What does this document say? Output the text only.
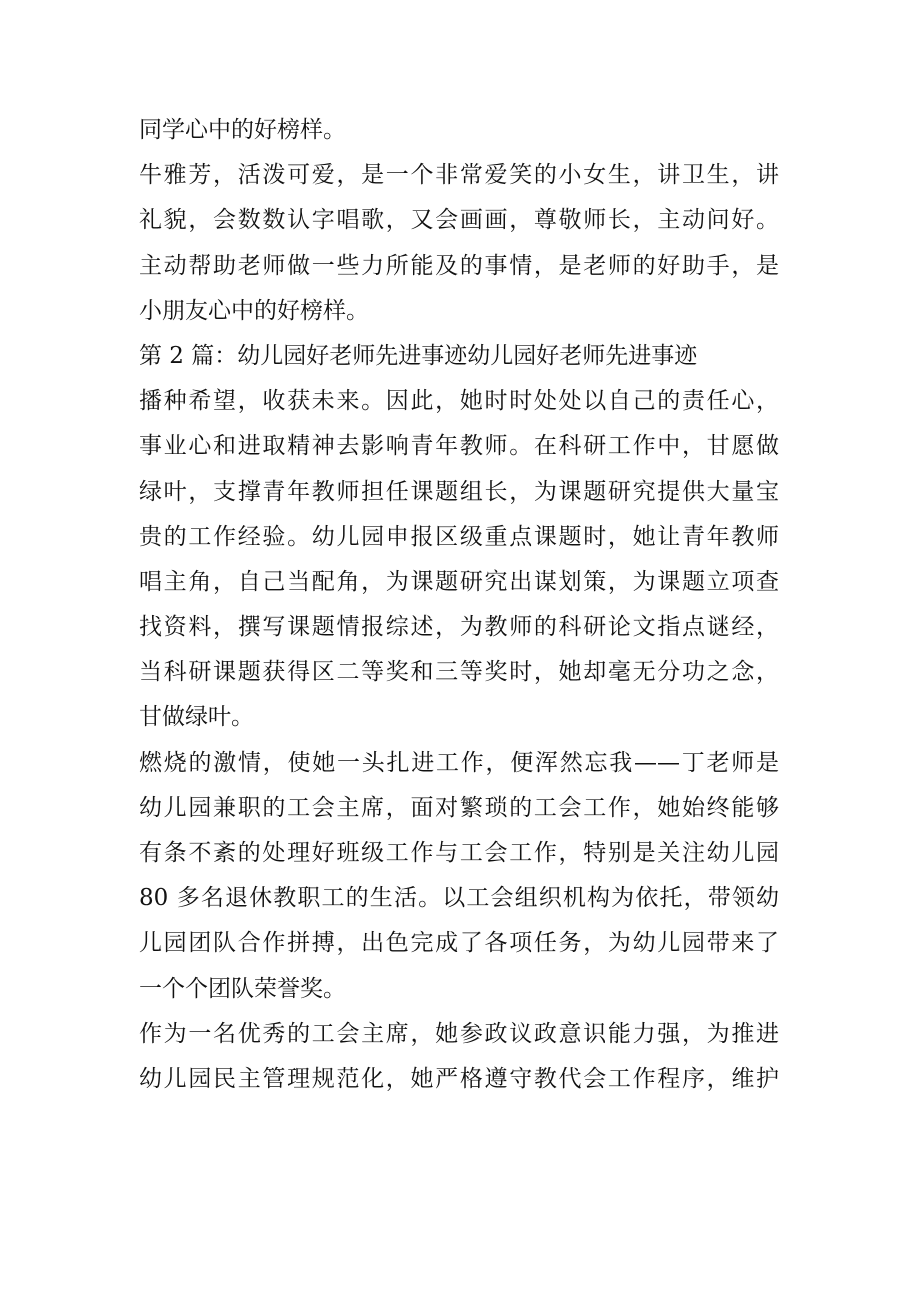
同学心中的好榜样。
牛雅芳，活泼可爱，是一个非常爱笑的小女生，讲卫生，讲
礼貌，会数数认字唱歌，又会画画，尊敬师长，主动问好。
主动帮助老师做一些力所能及的事情，是老师的好助手，是
小朋友心中的好榜样。
第 2 篇：幼儿园好老师先进事迹幼儿园好老师先进事迹
播种希望，收获未来。因此，她时时处处以自己的责任心，
事业心和进取精神去影响青年教师。在科研工作中，甘愿做
绿叶，支撑青年教师担任课题组长，为课题研究提供大量宝
贵的工作经验。幼儿园申报区级重点课题时，她让青年教师
唱主角，自己当配角，为课题研究出谋划策，为课题立项查
找资料，撰写课题情报综述，为教师的科研论文指点谜经，
当科研课题获得区二等奖和三等奖时，她却毫无分功之念，
甘做绿叶。
燃烧的激情，使她一头扎进工作，便浑然忘我——丁老师是
幼儿园兼职的工会主席，面对繁琐的工会工作，她始终能够
有条不紊的处理好班级工作与工会工作，特别是关注幼儿园
80 多名退休教职工的生活。以工会组织机构为依托，带领幼
儿园团队合作拼搏，出色完成了各项任务，为幼儿园带来了
一个个团队荣誉奖。
作为一名优秀的工会主席，她参政议政意识能力强，为推进
幼儿园民主管理规范化，她严格遵守教代会工作程序，维护
